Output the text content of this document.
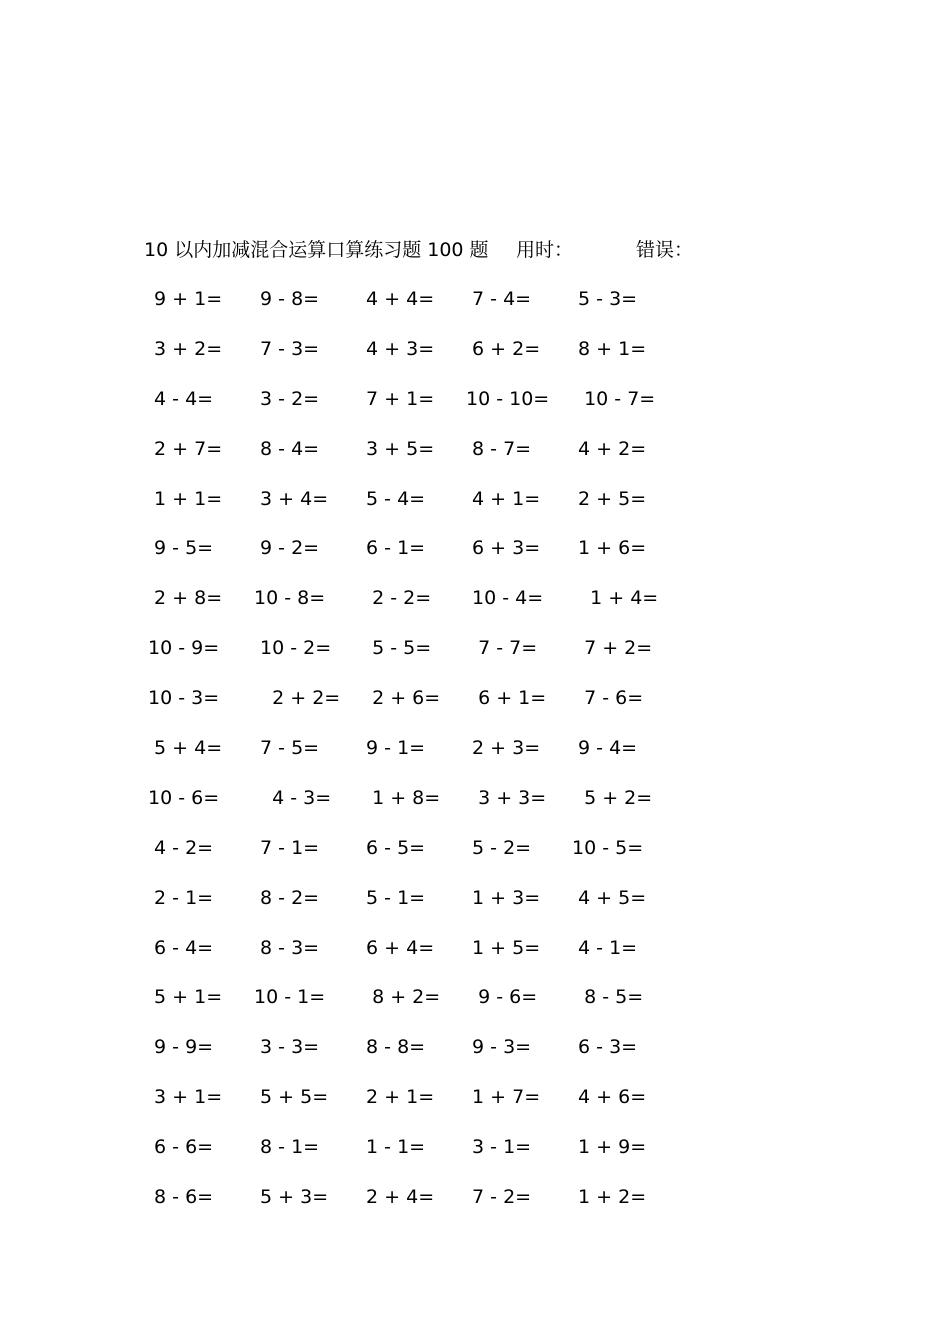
10 以内加减混合运算口算练习题 100 题 用时：	错误：
9 + 1=	9 - 8=	4 + 4=	7 - 4=	5 - 3=
3 + 2=	7 - 3=	4 + 3=	6 + 2=	8 + 1=
4 - 4=	3 - 2=	7 + 1=	10 - 10=	10 - 7=
2 + 7=	8 - 4=	3 + 5=	8 - 7=	4 + 2=
1 + 1=	3 + 4=	5 - 4=	4 + 1=	2 + 5=
9 - 5=	9 - 2=	6 - 1=	6 + 3=	1 + 6=
2 + 8=	10 - 8=	2 - 2=	10 - 4=	1 + 4=
10 - 9=	10 - 2=	5 - 5=	7 - 7=	7 + 2=
10 - 3=	2 + 2=	2 + 6=	6 + 1=	7 - 6=
5 + 4=	7 - 5=	9 - 1=	2 + 3=	9 - 4=
10 - 6=	4 - 3=	1 + 8=	3 + 3=	5 + 2=
4 - 2=	7 - 1=	6 - 5=	5 - 2=	10 - 5=
2 - 1=	8 - 2=	5 - 1=	1 + 3=	4 + 5=
6 - 4=	8 - 3=	6 + 4=	1 + 5=	4 - 1=
5 + 1=	10 - 1=	8 + 2=	9 - 6=	8 - 5=
9 - 9=	3 - 3=	8 - 8=	9 - 3=	6 - 3=
3 + 1=	5 + 5=	2 + 1=	1 + 7=	4 + 6=
6 - 6=	8 - 1=	1 - 1=	3 - 1=	1 + 9=
8 - 6=	5 + 3=	2 + 4=	7 - 2=	1 + 2=
